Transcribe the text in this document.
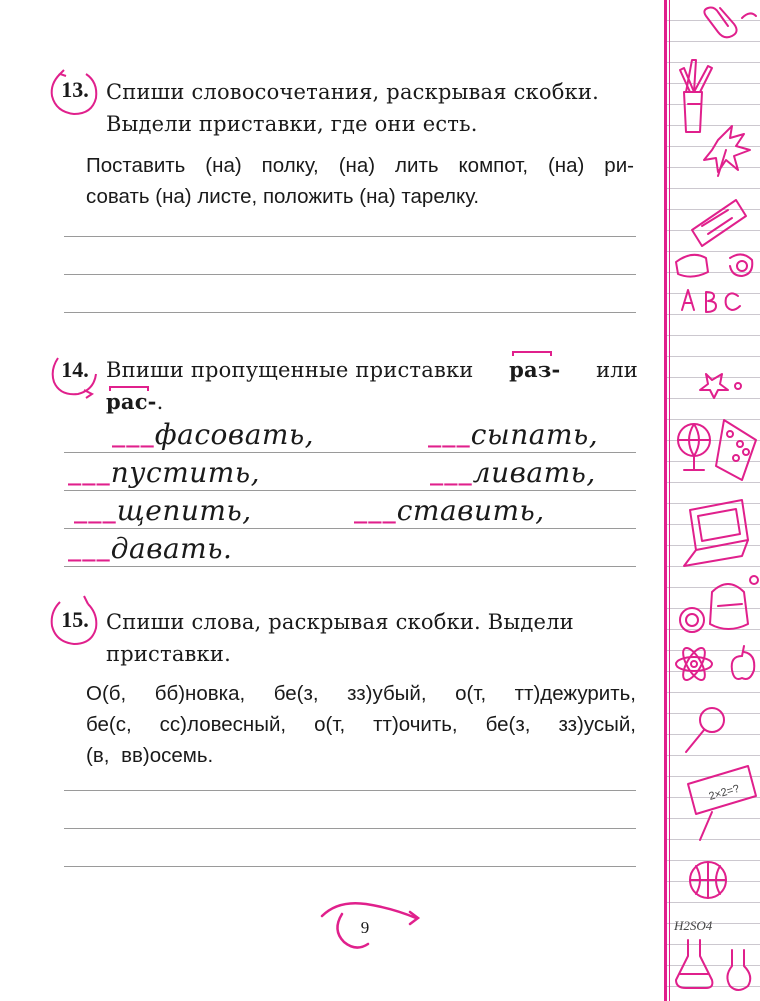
2×2=?
H2SO4
13. Спиши словосочетания, раскрывая скобки.
Выдели приставки, где они есть.
Поставить (на) полку, (на) лить компот, (на) ри-
совать (на) листе, положить (на) тарелку.
14. Впиши пропущенные приставки раз- или
рас-.
___фасовать,	___сыпать,
___пустить,	___ливать,
___щепить,	___ставить,
___давать.
15. Спиши слова, раскрывая скобки. Выдели
приставки.
О(б, бб)новка, бе(з, зз)убый, о(т, тт)дежурить,
бе(с, сс)ловесный, о(т, тт)очить, бе(з, зз)усый,
(в, вв)осемь.
9
